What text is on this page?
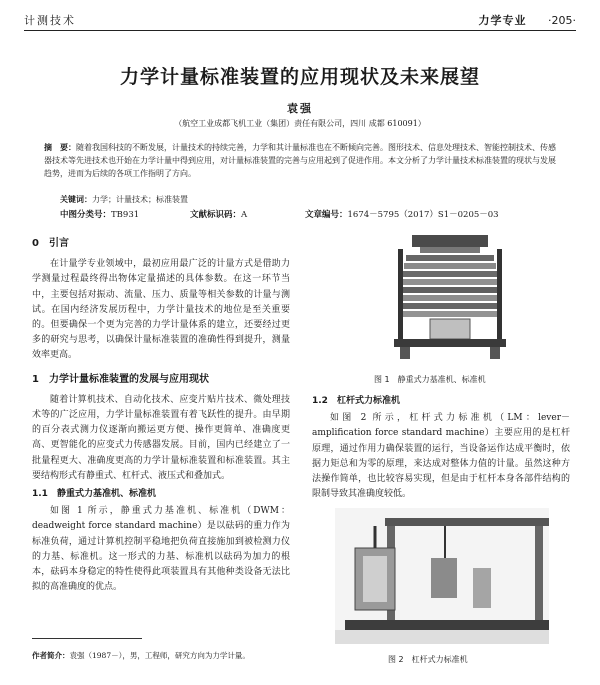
计测技术	力学专业 ·205·
力学计量标准装置的应用现状及未来展望
袁强
（航空工业成都飞机工业（集团）责任有限公司，四川 成都 610091）
摘　要：随着我国科技的不断发展，计量技术的持续完善，力学和其计量标准也在不断倾向完善。图形技术、信息处理技术、智能控制技术、传感器技术等先进技术也开始在力学计量中得到应用，对计量标准装置的完善与应用起到了促进作用。本文分析了力学计量技术标准装置的现状与发展趋势，进而为后续的各项工作指明了方向。
关键词：力学；计量技术；标准装置
中图分类号：TB931	文献标识码：A	文章编号：1674－5795（2017）S1－0205－03
0　引言

在计量学专业领域中，最初应用最广泛的计量方式是借助力学测量过程最终得出物体定量描述的具体参数。在这一环节当中，主要包括对振动、流量、压力、质量等相关参数的计量与测试。在国内经济发展历程中，力学计量技术的地位是至关重要的。但要确保一个更为完善的力学计量体系的建立，还要经过更多的研究与思考，以确保计量标准装置的准确性得到提升，测量效率更高。

1　力学计量标准装置的发展与应用现状

随着计算机技术、自动化技术、应变片贴片技术、微处理技术等的广泛应用，力学计量标准装置有着飞跃性的提升。由早期的百分表式测力仪逐渐向搬运更方便、操作更简单、准确度更高、更智能化的应变式力传感器发展。目前，国内已经建立了一批量程更大、准确度更高的力学计量标准装置和标准装置。其主要结构形式有静重式、杠杆式、液压式和叠加式。

1.1　静重式力基准机、标准机

如图 1 所示，静重式力基准机、标准机（DWM：deadweight force standard machine）是以砝码的重力作为标准负荷，通过计算机控制平稳地把负荷直接施加到被检测力仪的力基、标准机。这一形式的力基、标准机以砝码为加力的根本，砝码本身稳定的特性使得此项装置具有其他种类设备无法比拟的高准确度的优点。

图 1　静重式力基准机、标准机
1.2　杠杆式力标准机

如图 2 所示，杠杆式力标准机（LM：lever－amplification force standard machine）主要应用的是杠杆原理，通过作用力确保装置的运行，当设备运作达成平衡时，依据力矩总和为零的原理，来达成对整体力值的计量。虽然这种方法操作简单，也比较容易实现，但是由于杠杆本身各部件结构的限制导致其准确度较低。

图 2　杠杆式力标准机
作者简介：袁强（1987－），男，工程师，研究方向为力学计量。
